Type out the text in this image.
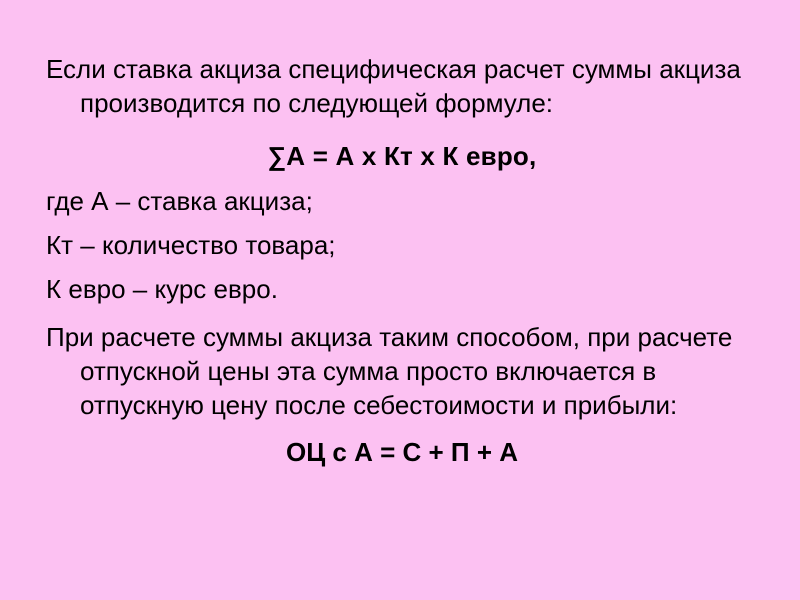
Если ставка акциза специфическая расчет суммы акциза производится по следующей формуле:

∑А = А х Кт х К евро,

где А – ставка акциза;

Кт – количество товара;

К евро – курс евро.

При расчете суммы акциза таким способом, при расчете отпускной цены эта сумма просто включается в отпускную цену после себестоимости и прибыли:

ОЦ с А = С + П + А
